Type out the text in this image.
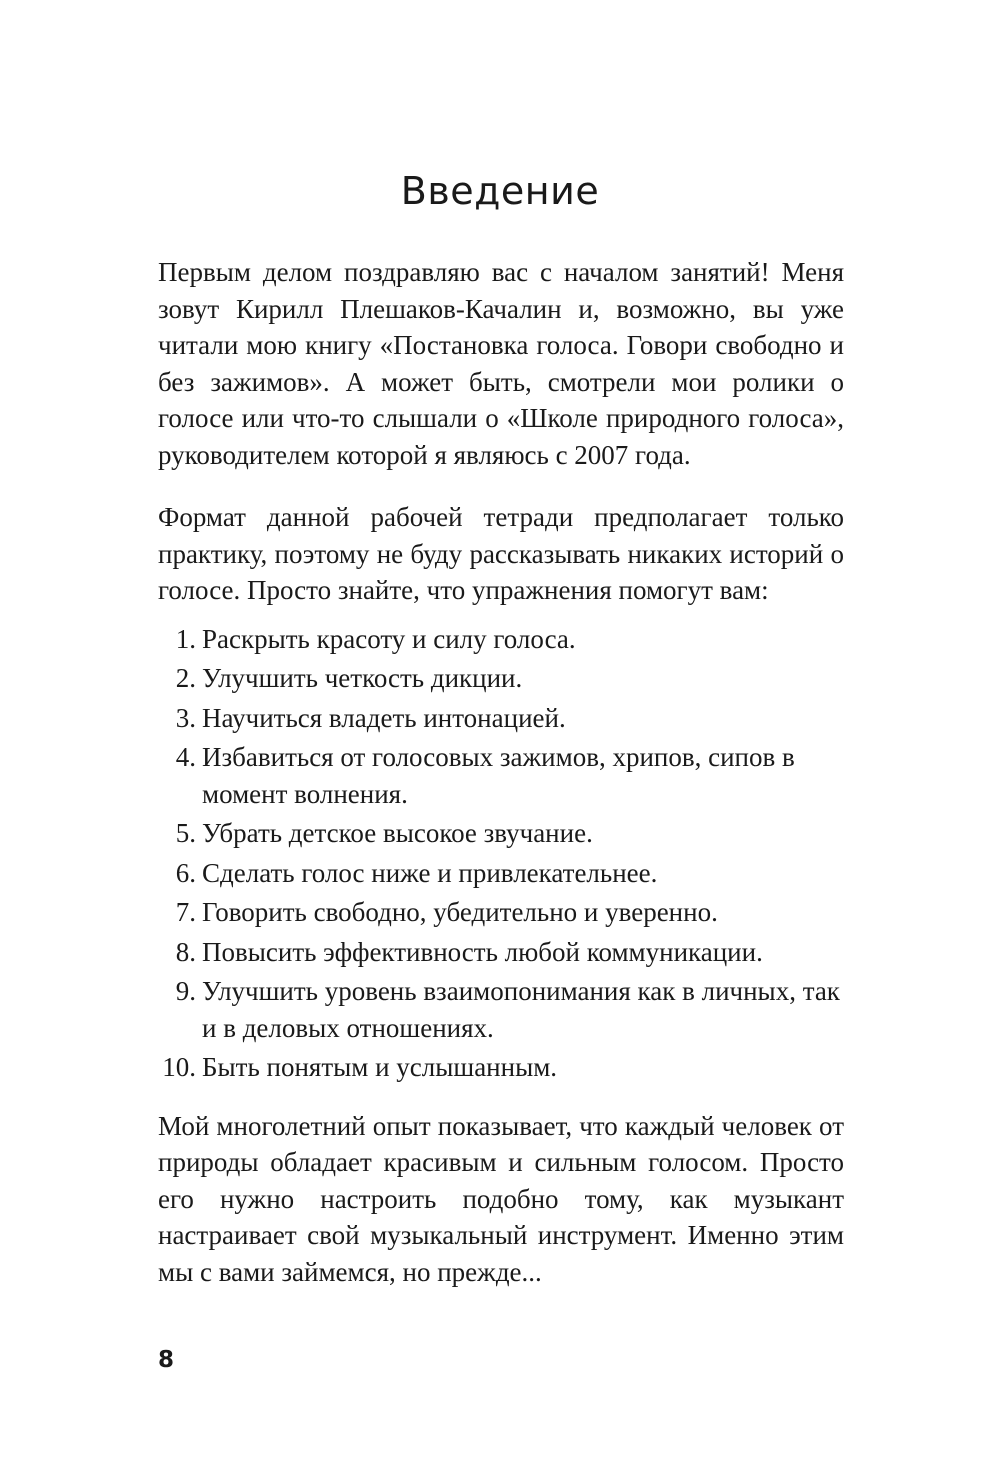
Введение

Первым делом поздравляю вас с началом занятий! Меня зовут Кирилл Плешаков-Качалин и, возможно, вы уже читали мою книгу «Постановка голоса. Говори свободно и без зажимов». А может быть, смотрели мои ролики о голосе или что-то слышали о «Школе природного голоса», руководителем которой я являюсь с 2007 года.

Формат данной рабочей тетради предполагает только практику, поэтому не буду рассказывать никаких историй о голосе. Просто знайте, что упражнения помогут вам:

1. Раскрыть красоту и силу голоса.
2. Улучшить четкость дикции.
3. Научиться владеть интонацией.
4. Избавиться от голосовых зажимов, хрипов, сипов в момент волнения.
5. Убрать детское высокое звучание.
6. Сделать голос ниже и привлекательнее.
7. Говорить свободно, убедительно и уверенно.
8. Повысить эффективность любой коммуникации.
9. Улучшить уровень взаимопонимания как в личных, так и в деловых отношениях.
10. Быть понятым и услышанным.

Мой многолетний опыт показывает, что каждый человек от природы обладает красивым и сильным голосом. Просто его нужно настроить подобно тому, как музыкант настраивает свой музыкальный инструмент. Именно этим мы с вами займемся, но прежде...

8
